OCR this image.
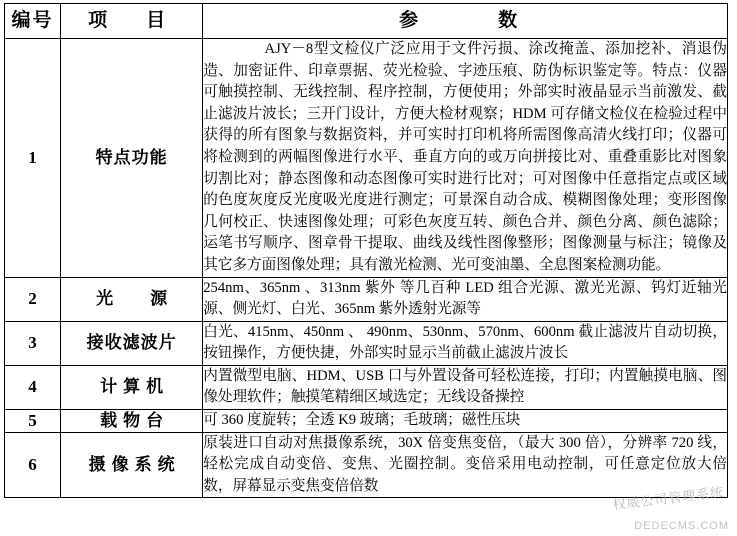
编号	项　目	参　　数
1	特点功能	　　　　AJY－8型文检仪广泛应用于文件污损、涂改掩盖、添加挖补、消退伪造、加密证件、印章票据、荧光检验、字迹压痕、防伪标识鉴定等。特点：仪器可触摸控制、无线控制、程序控制，方便使用；外部实时液晶显示当前激发、截止滤波片波长；三开门设计，方便大检材观察；HDM 可存储文检仪在检验过程中获得的所有图象与数据资料，并可实时打印机将所需图像高清火线打印；仪器可将检测到的两幅图像进行水平、垂直方向的或万向拼接比对、重叠重影比对图象切割比对；静态图像和动态图像可实时进行比对；可对图像中任意指定点或区域的色度灰度反光度吸光度进行测定；可景深自动合成、模糊图像处理；变形图像几何校正、快速图像处理；可彩色灰度互转、颜色合并、颜色分离、颜色滤除；运笔书写顺序、图章骨干提取、曲线及线性图像整形；图像测量与标注；镜像及其它多方面图像处理；具有激光检测、光可变油墨、全息图案检测功能。
2	光　源	254nm、365nm 、313nm 紫外 等几百种 LED 组合光源、激光光源、钨灯近轴光源、侧光灯、白光、365nm 紫外透射光源等
3	接收滤波片	白光、415nm、450nm 、 490nm、530nm、570nm、600nm 截止滤波片自动切换，按钮操作，方便快捷，外部实时显示当前截止滤波片波长
4	计算机	内置微型电脑、HDM、USB 口与外置设备可轻松连接，打印；内置触摸电脑、图像处理软件；触摸笔精细区域选定；无线设备操控
5	载物台	可 360 度旋转；全透 K9 玻璃；毛玻璃；磁性压块
6	摄像系统	原装进口自动对焦摄像系统，30X 倍变焦变倍，（最大 300 倍），分辨率 720 线，轻松完成自动变倍、变焦、光圈控制。变倍采用电动控制，可任意定位放大倍数，屏幕显示变焦变倍倍数	权威公司管理系统
DEDECMS.COM
